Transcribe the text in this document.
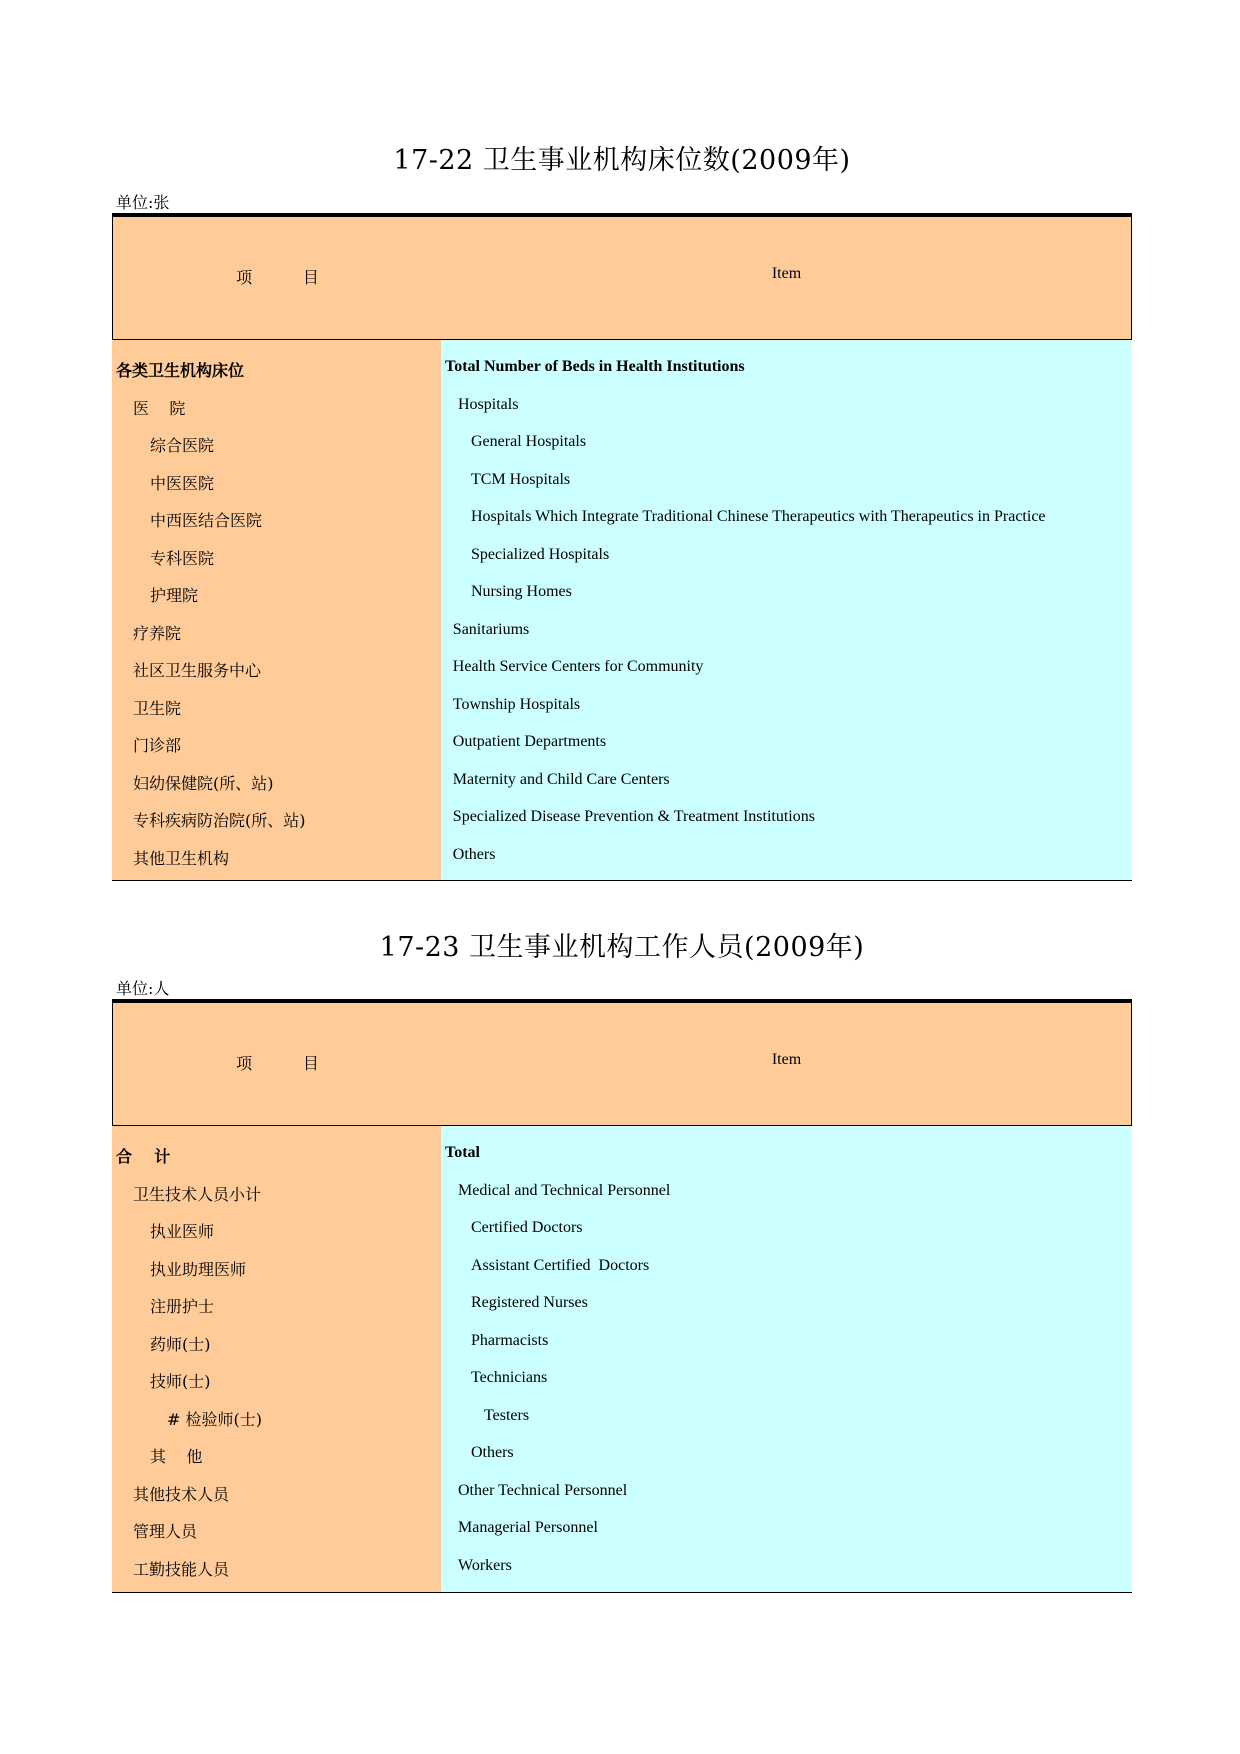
17-22 卫生事业机构床位数(2009年)
单位:张
项          目	Item
各类卫生机构床位	Total Number of Beds in Health Institutions
医    院	Hospitals
综合医院	General Hospitals
中医医院	TCM Hospitals
中西医结合医院	Hospitals Which Integrate Traditional Chinese Therapeutics with Therapeutics in Practice
专科医院	Specialized Hospitals
护理院	Nursing Homes
疗养院	Sanitariums
社区卫生服务中心	Health Service Centers for Community
卫生院	Township Hospitals
门诊部	Outpatient Departments
妇幼保健院(所、站)	Maternity and Child Care Centers
专科疾病防治院(所、站)	Specialized Disease Prevention & Treatment Institutions
其他卫生机构	Others
17-23 卫生事业机构工作人员(2009年)
单位:人
项          目	Item
合    计	Total
卫生技术人员小计	Medical and Technical Personnel
执业医师	Certified Doctors
执业助理医师	Assistant Certified  Doctors
注册护士	Registered Nurses
药师(士)	Pharmacists
技师(士)	Technicians
# 检验师(士)	Testers
其    他	Others
其他技术人员	Other Technical Personnel
管理人员	Managerial Personnel
工勤技能人员	Workers
